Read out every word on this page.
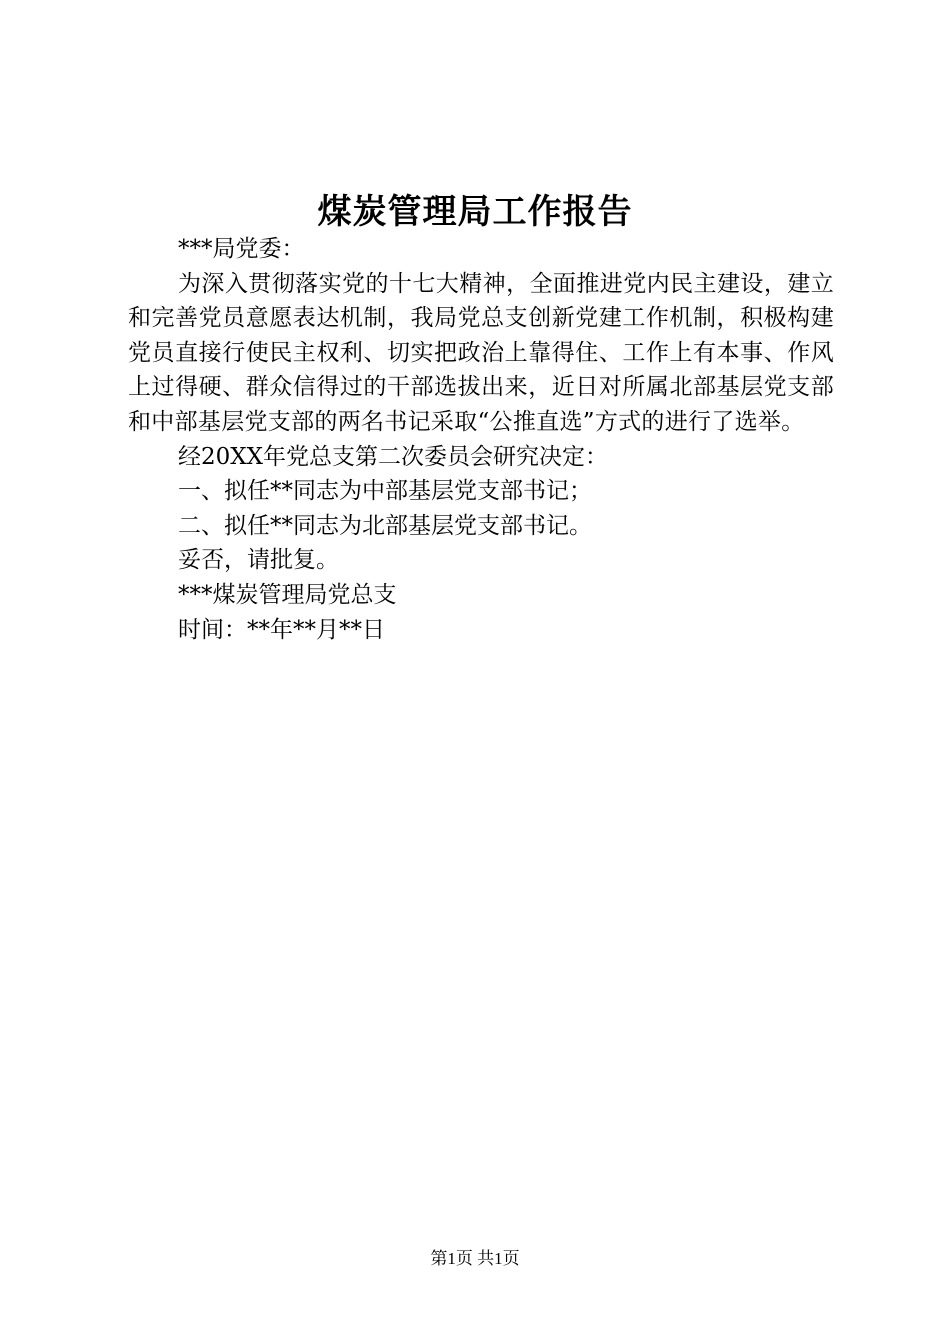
煤炭管理局工作报告

***局党委：

为深入贯彻落实党的十七大精神，全面推进党内民主建设，建立和完善党员意愿表达机制，我局党总支创新党建工作机制，积极构建党员直接行使民主权利、切实把政治上靠得住、工作上有本事、作风上过得硬、群众信得过的干部选拔出来，近日对所属北部基层党支部和中部基层党支部的两名书记采取“公推直选”方式的进行了选举。

经20XX年党总支第二次委员会研究决定：

一、拟任**同志为中部基层党支部书记；

二、拟任**同志为北部基层党支部书记。

妥否，请批复。

***煤炭管理局党总支

时间：**年**月**日

第1页 共1页
